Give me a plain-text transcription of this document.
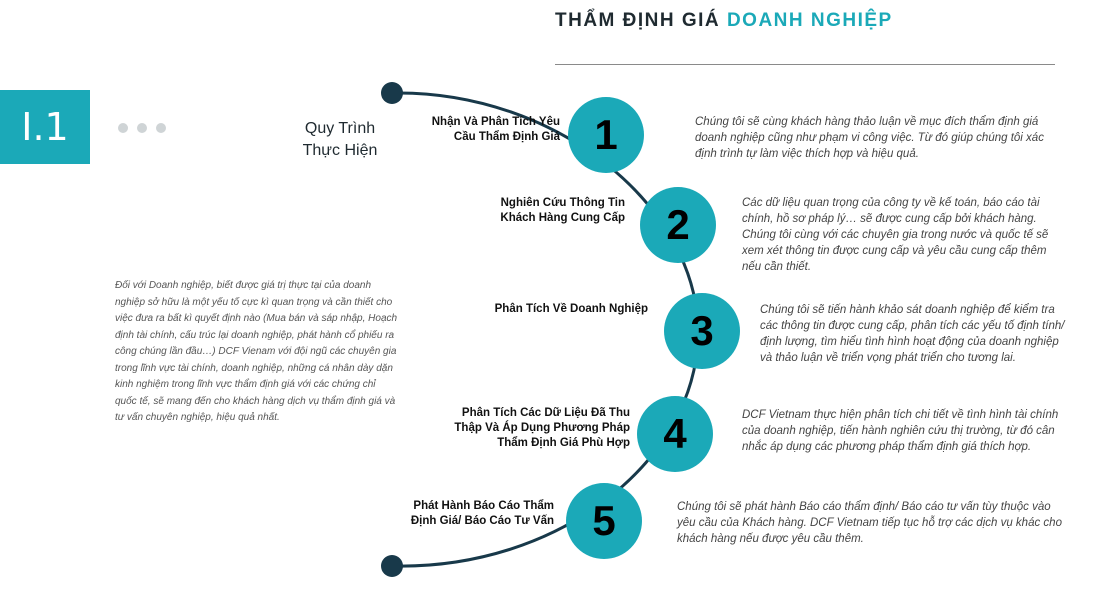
THẨM ĐỊNH GIÁ DOANH NGHIỆP
I.1	Quy Trình
Thực Hiện
Đối với Doanh nghiệp, biết được giá trị thực tại của doanh nghiệp sở hữu là một yếu tố cực kì quan trọng và cần thiết cho việc đưa ra bất kì quyết định nào (Mua bán và sáp nhập, Hoạch định tài chính, cấu trúc lại doanh nghiệp, phát hành cổ phiếu ra công chúng lần đầu…) DCF Vienam với đội ngũ các chuyên gia trong lĩnh vực tài chính, doanh nghiệp, những cá nhân dày dặn kinh nghiệm trong lĩnh vực thẩm định giá với các chứng chỉ quốc tế, sẽ mang đến cho khách hàng dịch vụ thẩm định giá và tư vấn chuyên nghiệp, hiệu quả nhất.
1
Nhận Và Phân Tích Yêu Cầu Thẩm Định Giá
Chúng tôi sẽ cùng khách hàng thảo luận về mục đích thẩm định giá doanh nghiệp cũng như phạm vi công việc. Từ đó giúp chúng tôi xác định trình tự làm việc thích hợp và hiệu quả.
2
Nghiên Cứu Thông Tin Khách Hàng Cung Cấp
Các dữ liệu quan trọng của công ty về kế toán, báo cáo tài chính, hồ sơ pháp lý… sẽ được cung cấp bởi khách hàng. Chúng tôi cùng với các chuyên gia trong nước và quốc tế sẽ xem xét thông tin được cung cấp và yêu cầu cung cấp thêm nếu cần thiết.
3
Phân Tích Về Doanh Nghiệp	Chúng tôi sẽ tiến hành khảo sát doanh nghiệp để kiểm tra các thông tin được cung cấp, phân tích các yếu tố định tính/định lượng, tìm hiểu tình hình hoạt động của doanh nghiệp và thảo luận về triển vọng phát triển cho tương lai.
4
Phân Tích Các Dữ Liệu Đã Thu Thập Và Áp Dụng Phương Pháp Thẩm Định Giá Phù Hợp
DCF Vietnam thực hiện phân tích chi tiết về tình hình tài chính của doanh nghiệp, tiến hành nghiên cứu thị trường, từ đó cân nhắc áp dụng các phương pháp thẩm định giá thích hợp.
5
Phát Hành Báo Cáo Thẩm Định Giá/ Báo Cáo Tư Vấn
Chúng tôi sẽ phát hành Báo cáo thẩm định/ Báo cáo tư vấn tùy thuộc vào yêu cầu của Khách hàng. DCF Vietnam tiếp tục hỗ trợ các dịch vụ khác cho khách hàng nếu được yêu cầu thêm.
